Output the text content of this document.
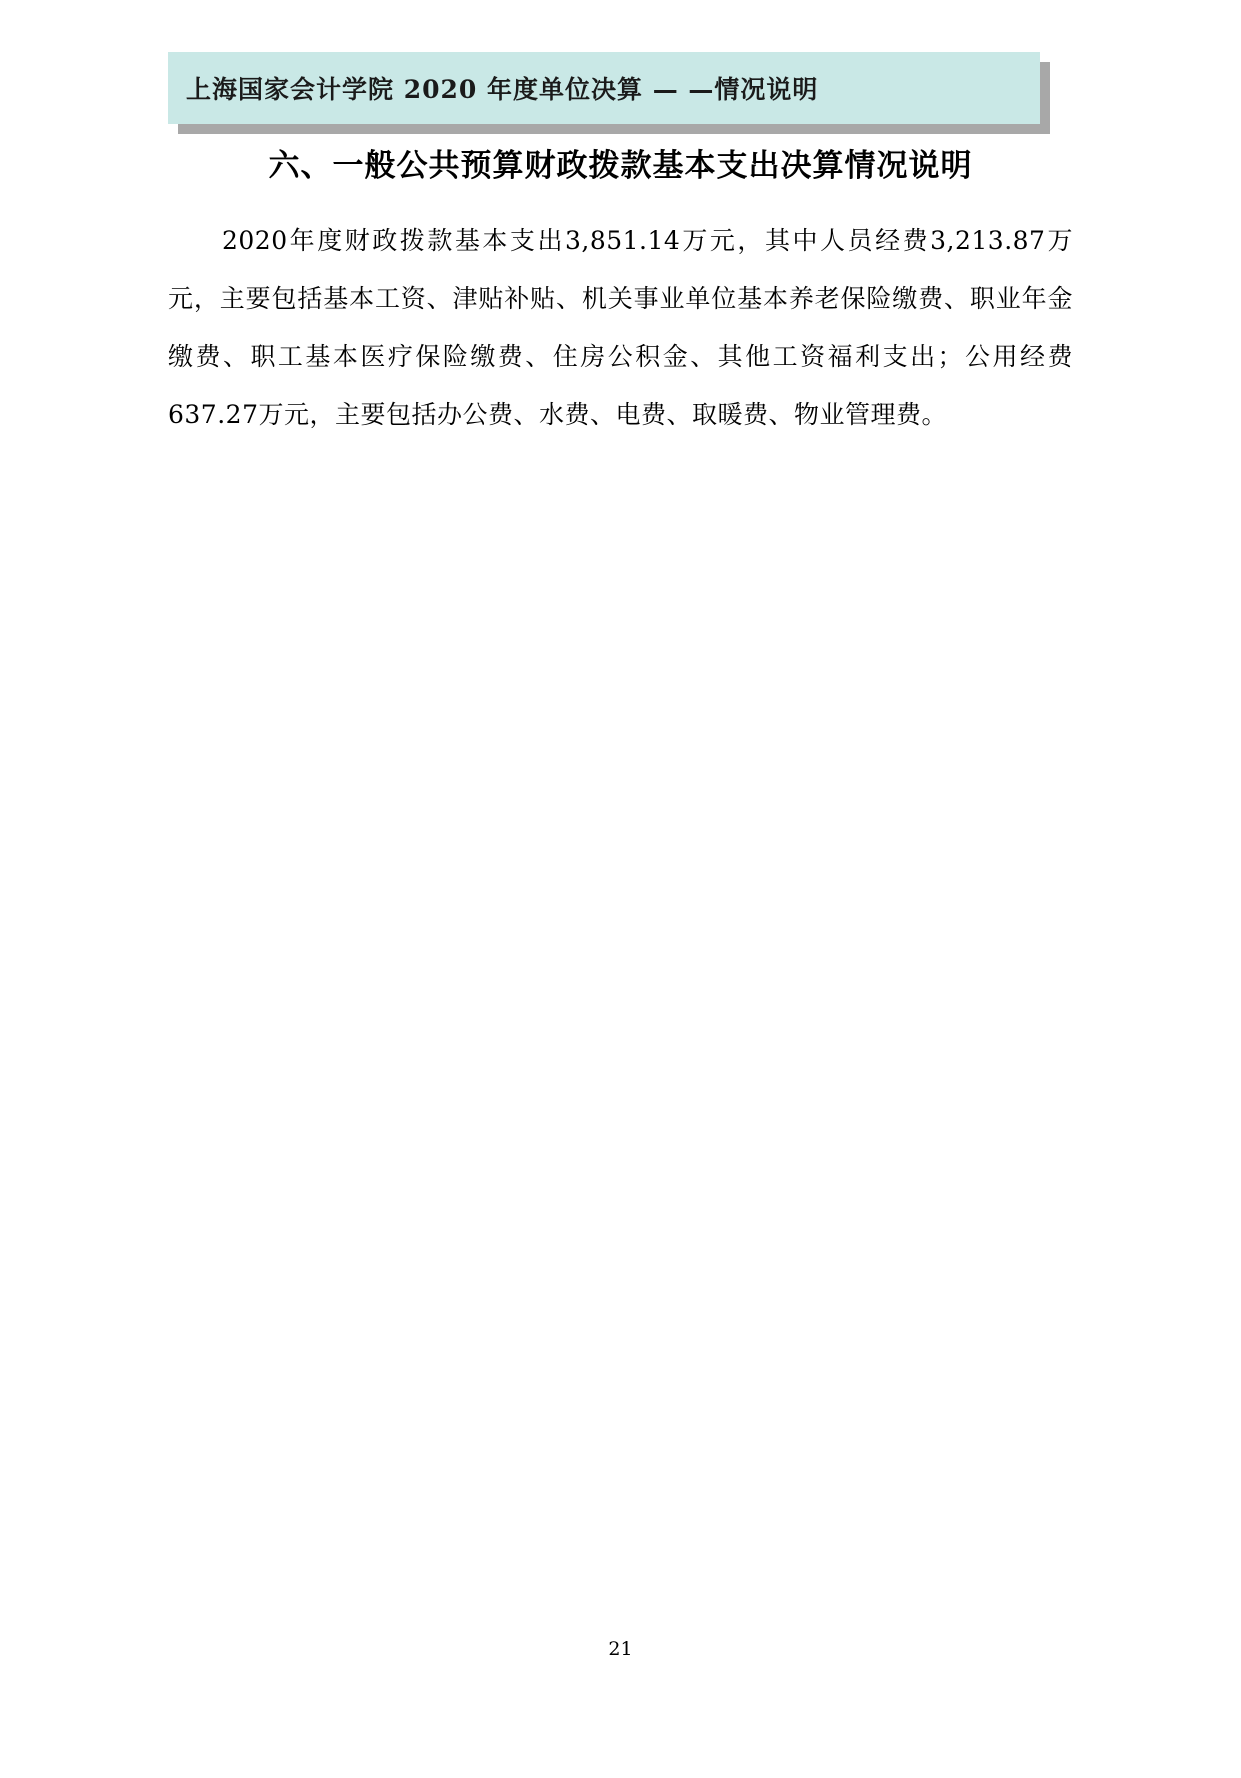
上海国家会计学院 2020 年度单位决算 — —情况说明
六、一般公共预算财政拨款基本支出决算情况说明

2020年度财政拨款基本支出3,851.14万元，其中人员经费3,213.87万元，主要包括基本工资、津贴补贴、机关事业单位基本养老保险缴费、职业年金缴费、职工基本医疗保险缴费、住房公积金、其他工资福利支出；公用经费637.27万元，主要包括办公费、水费、电费、取暖费、物业管理费。

21
